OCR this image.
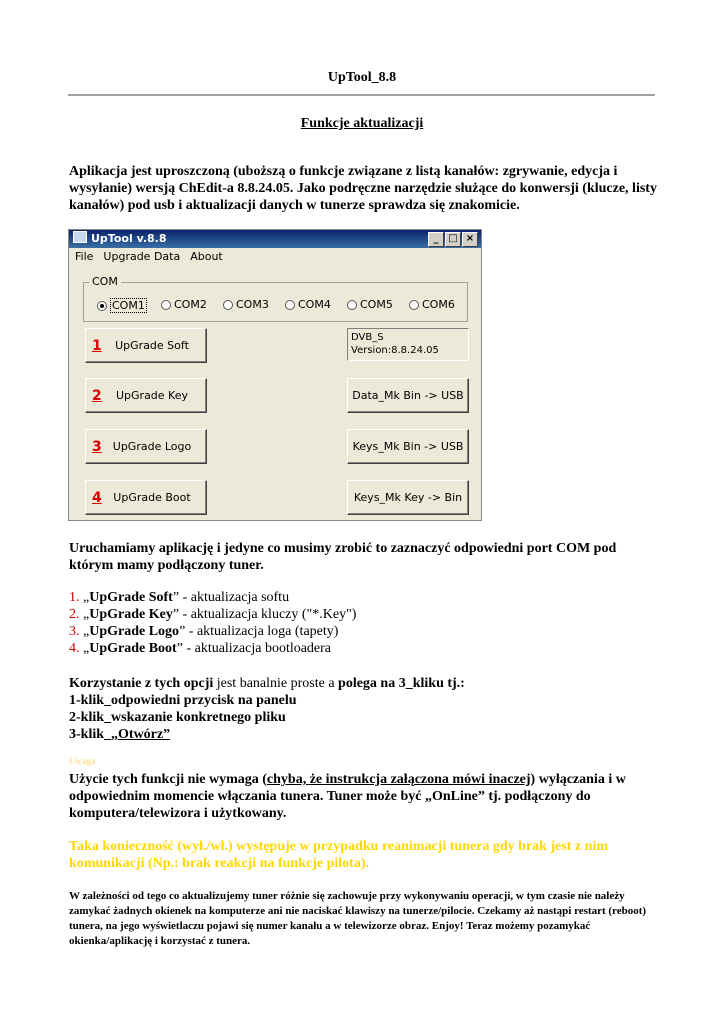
UpTool_8.8
Funkcje aktualizacji
Aplikacja jest uproszczoną (uboższą o funkcje związane z listą kanałów: zgrywanie, edycja i wysyłanie) wersją ChEdit-a 8.8.24.05. Jako podręczne narzędzie służące do konwersji (klucze, listy kanałów) pod usb i aktualizacji danych w tunerze sprawdza się znakomicie.
UpTool v.8.8	_ □ ×
File Upgrade Data About
COM
COM1	COM2	COM3	COM4	COM5	COM6
1	UpGrade Soft
2	UpGrade Key
3	UpGrade Logo
4	UpGrade Boot
DVB_S
Version:8.8.24.05
Data_Mk Bin -> USB
Keys_Mk Bin -> USB
Keys_Mk Key -> Bin
Uruchamiamy aplikację i jedyne co musimy zrobić to zaznaczyć odpowiedni port COM pod którym mamy podłączony tuner.
1. „UpGrade Soft” - aktualizacja softu
2. „UpGrade Key” - aktualizacja kluczy ("*.Key")
3. „UpGrade Logo” - aktualizacja loga (tapety)
4. „UpGrade Boot” - aktualizacja bootloadera
Korzystanie z tych opcji jest banalnie proste a polega na 3_kliku tj.:
1-klik_odpowiedni przycisk na panelu
2-klik_wskazanie konkretnego pliku
3-klik_„Otwórz”
Uwaga
Użycie tych funkcji nie wymaga (chyba, że instrukcja załączona mówi inaczej) wyłączania i w odpowiednim momencie włączania tunera. Tuner może być „OnLine” tj. podłączony do komputera/telewizora i użytkowany.
Taka konieczność (wył./wł.) występuje w przypadku reanimacji tunera gdy brak jest z nim komunikacji (Np.: brak reakcji na funkcje pilota).
W zależności od tego co aktualizujemy tuner różnie się zachowuje przy wykonywaniu operacji, w tym czasie nie należy zamykać żadnych okienek na komputerze ani nie naciskać klawiszy na tunerze/pilocie. Czekamy aż nastąpi restart (reboot) tunera, na jego wyświetlaczu pojawi się numer kanału a w telewizorze obraz. Enjoy! Teraz możemy pozamykać okienka/aplikację i korzystać z tunera.
